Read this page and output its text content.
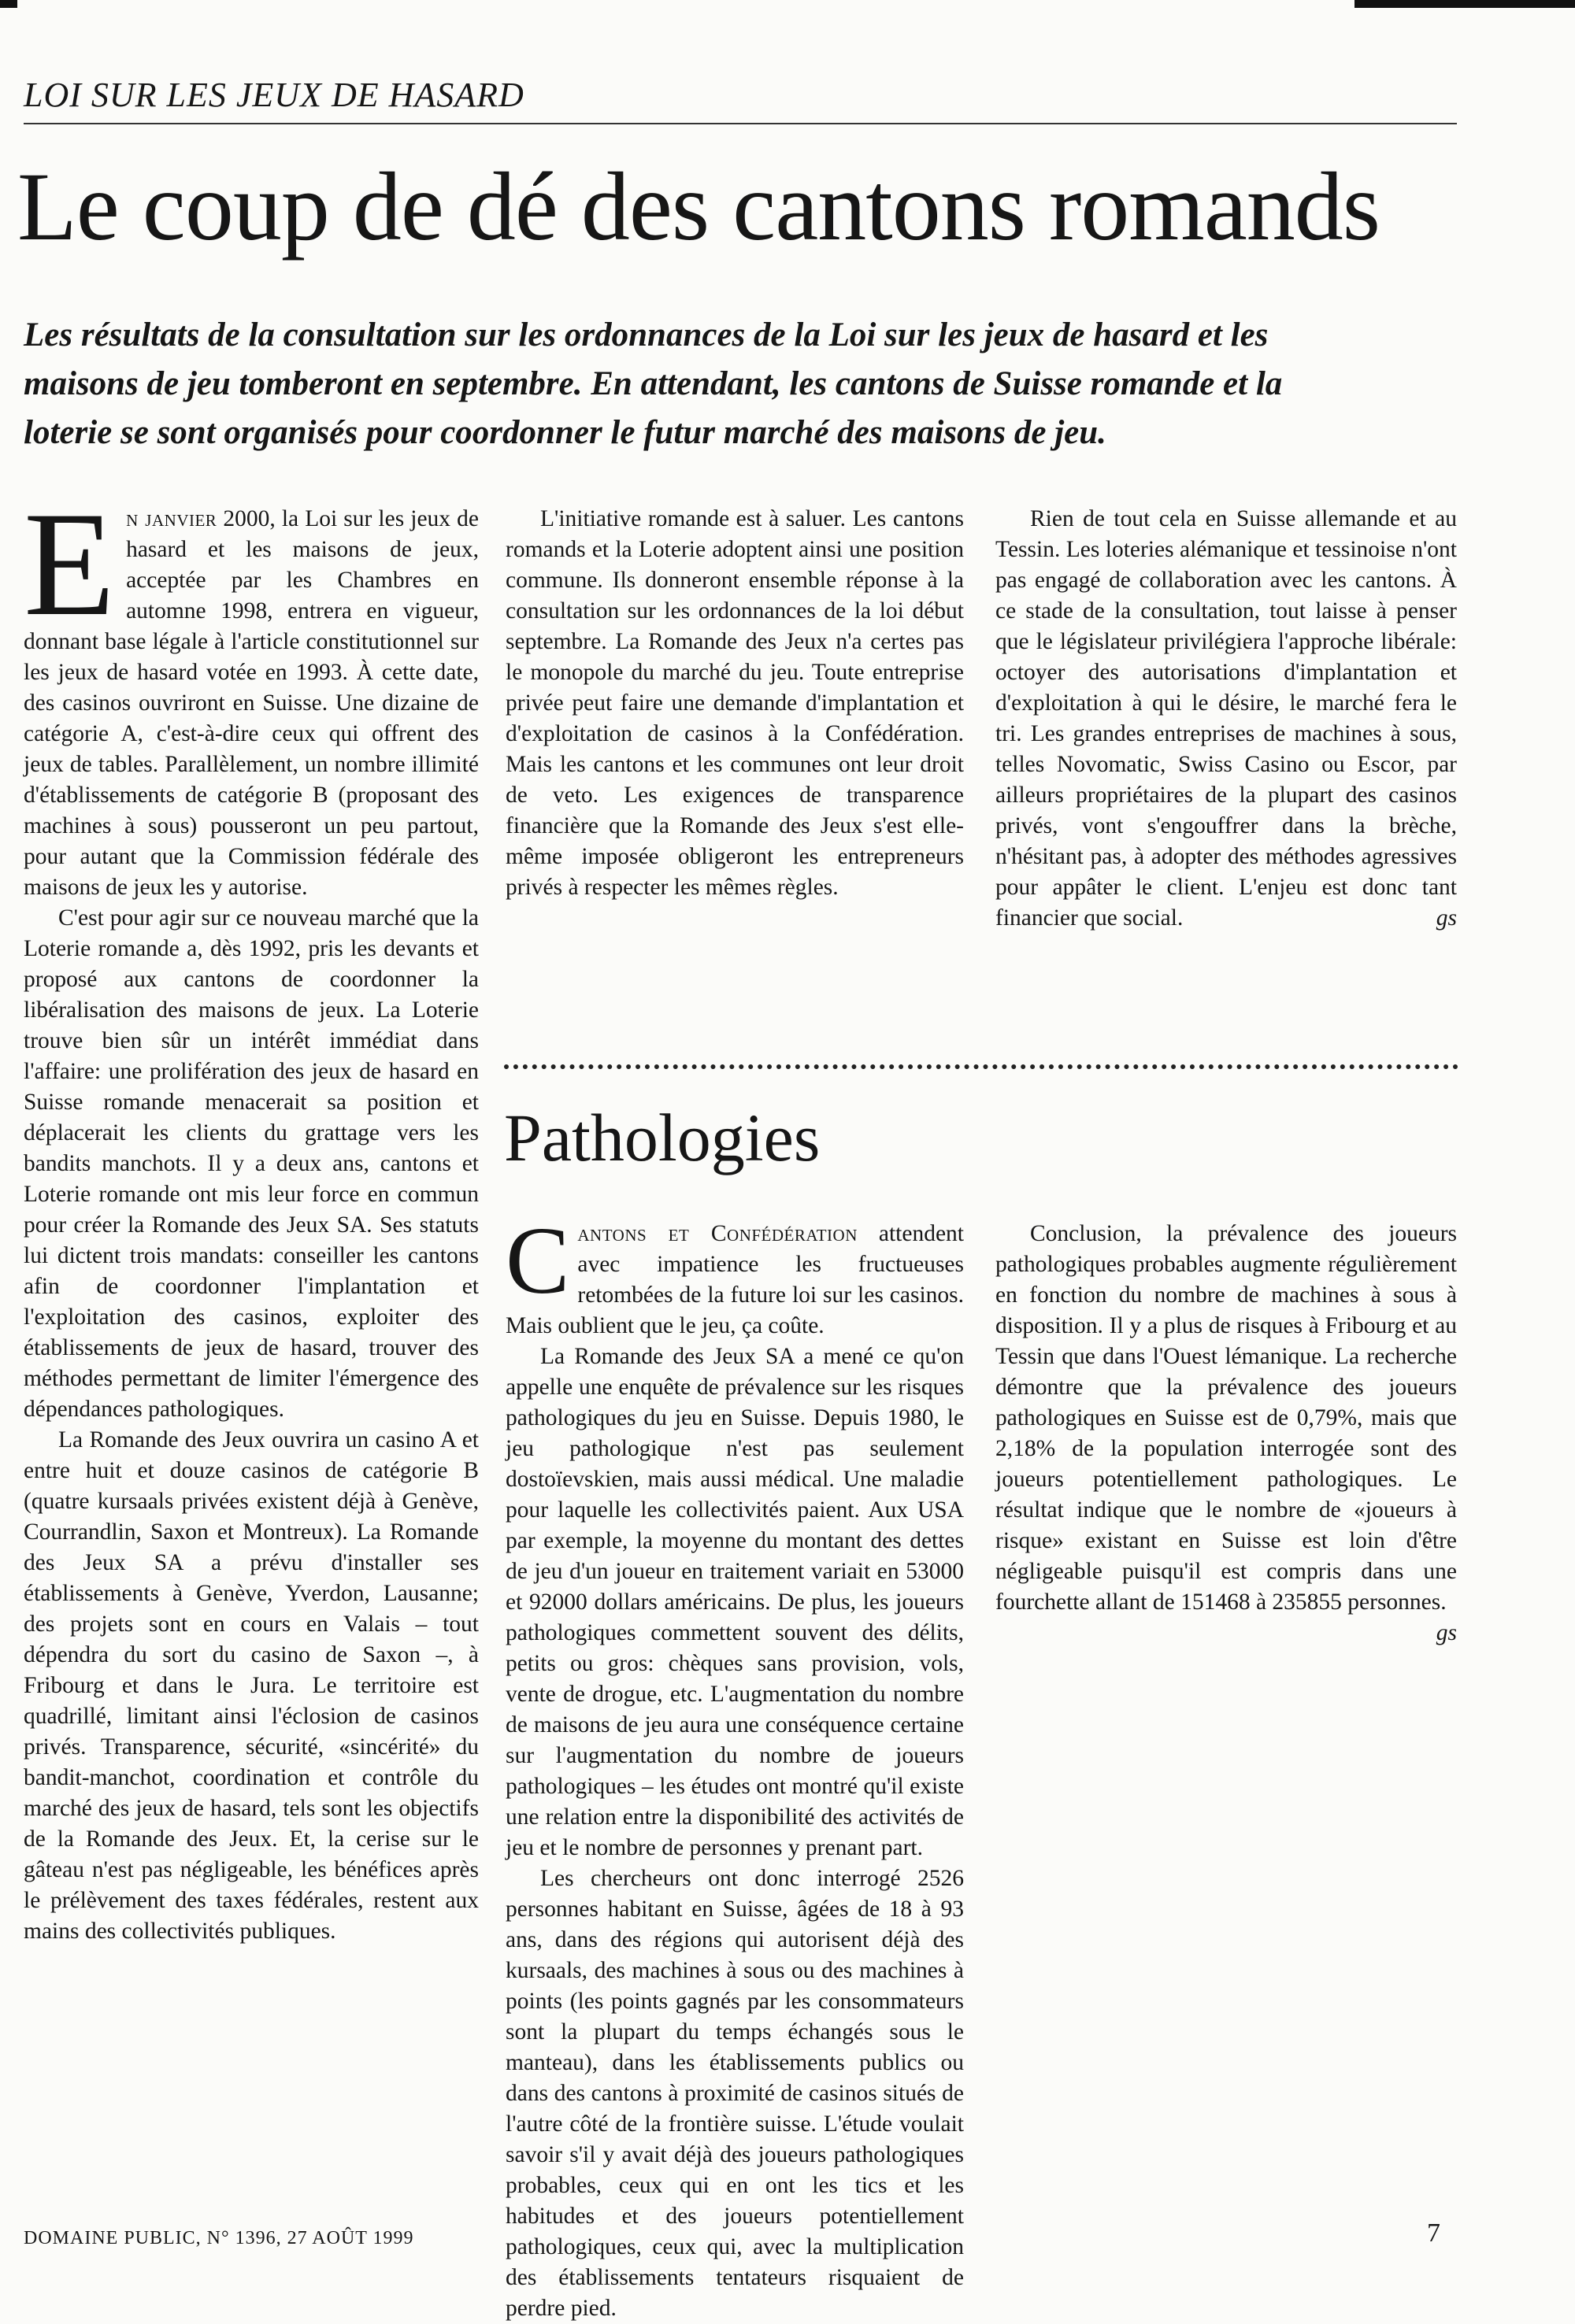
LOI SUR LES JEUX DE HASARD
Le coup de dé des cantons romands

Les résultats de la consultation sur les ordonnances de la Loi sur les jeux de hasard et les maisons de jeu tomberont en septembre. En attendant, les cantons de Suisse romande et la loterie se sont organisés pour coordonner le futur marché des maisons de jeu.

En janvier 2000, la Loi sur les jeux de hasard et les maisons de jeux, acceptée par les Chambres en automne 1998, entrera en vigueur, donnant base légale à l'article constitutionnel sur les jeux de hasard votée en 1993. À cette date, des casinos ouvriront en Suisse. Une dizaine de catégorie A, c'est-à-dire ceux qui offrent des jeux de tables. Parallèlement, un nombre illimité d'établissements de catégorie B (proposant des machines à sous) pousseront un peu partout, pour autant que la Commission fédérale des maisons de jeux les y autorise.

C'est pour agir sur ce nouveau marché que la Loterie romande a, dès 1992, pris les devants et proposé aux cantons de coordonner la libéralisation des maisons de jeux. La Loterie trouve bien sûr un intérêt immédiat dans l'affaire: une prolifération des jeux de hasard en Suisse romande menacerait sa position et déplacerait les clients du grattage vers les bandits manchots. Il y a deux ans, cantons et Loterie romande ont mis leur force en commun pour créer la Romande des Jeux SA. Ses statuts lui dictent trois mandats: conseiller les cantons afin de coordonner l'implantation et l'exploitation des casinos, exploiter des établissements de jeux de hasard, trouver des méthodes permettant de limiter l'émergence des dépendances pathologiques.

La Romande des Jeux ouvrira un casino A et entre huit et douze casinos de catégorie B (quatre kursaals privées existent déjà à Genève, Courrandlin, Saxon et Montreux). La Romande des Jeux SA a prévu d'installer ses établissements à Genève, Yverdon, Lausanne; des projets sont en cours en Valais – tout dépendra du sort du casino de Saxon –, à Fribourg et dans le Jura. Le territoire est quadrillé, limitant ainsi l'éclosion de casinos privés. Transparence, sécurité, «sincérité» du bandit-manchot, coordination et contrôle du marché des jeux de hasard, tels sont les objectifs de la Romande des Jeux. Et, la cerise sur le gâteau n'est pas négligeable, les bénéfices après le prélèvement des taxes fédérales, restent aux mains des collectivités publiques.

L'initiative romande est à saluer. Les cantons romands et la Loterie adoptent ainsi une position commune. Ils donneront ensemble réponse à la consultation sur les ordonnances de la loi début septembre. La Romande des Jeux n'a certes pas le monopole du marché du jeu. Toute entreprise privée peut faire une demande d'implantation et d'exploitation de casinos à la Confédération. Mais les cantons et les communes ont leur droit de veto. Les exigences de transparence financière que la Romande des Jeux s'est elle-même imposée obligeront les entrepreneurs privés à respecter les mêmes règles.

Rien de tout cela en Suisse allemande et au Tessin. Les loteries alémanique et tessinoise n'ont pas engagé de collaboration avec les cantons. À ce stade de la consultation, tout laisse à penser que le législateur privilégiera l'approche libérale: octoyer des autorisations d'implantation et d'exploitation à qui le désire, le marché fera le tri. Les grandes entreprises de machines à sous, telles Novomatic, Swiss Casino ou Escor, par ailleurs propriétaires de la plupart des casinos privés, vont s'engouffrer dans la brèche, n'hésitant pas, à adopter des méthodes agressives pour appâter le client. L'enjeu est donc tant financier que social.	gs

Pathologies

Cantons et Confédération attendent avec impatience les fructueuses retombées de la future loi sur les casinos. Mais oublient que le jeu, ça coûte.

La Romande des Jeux SA a mené ce qu'on appelle une enquête de prévalence sur les risques pathologiques du jeu en Suisse. Depuis 1980, le jeu pathologique n'est pas seulement dostoïevskien, mais aussi médical. Une maladie pour laquelle les collectivités paient. Aux USA par exemple, la moyenne du montant des dettes de jeu d'un joueur en traitement variait en 53000 et 92000 dollars américains. De plus, les joueurs pathologiques commettent souvent des délits, petits ou gros: chèques sans provision, vols, vente de drogue, etc. L'augmentation du nombre de maisons de jeu aura une conséquence certaine sur l'augmentation du nombre de joueurs pathologiques – les études ont montré qu'il existe une relation entre la disponibilité des activités de jeu et le nombre de personnes y prenant part.

Les chercheurs ont donc interrogé 2526 personnes habitant en Suisse, âgées de 18 à 93 ans, dans des régions qui autorisent déjà des kursaals, des machines à sous ou des machines à points (les points gagnés par les consommateurs sont la plupart du temps échangés sous le manteau), dans les établissements publics ou dans des cantons à proximité de casinos situés de l'autre côté de la frontière suisse. L'étude voulait savoir s'il y avait déjà des joueurs pathologiques probables, ceux qui en ont les tics et les habitudes et des joueurs potentiellement pathologiques, ceux qui, avec la multiplication des établissements tentateurs risquaient de perdre pied.

Conclusion, la prévalence des joueurs pathologiques probables augmente régulièrement en fonction du nombre de machines à sous à disposition. Il y a plus de risques à Fribourg et au Tessin que dans l'Ouest lémanique. La recherche démontre que la prévalence des joueurs pathologiques en Suisse est de 0,79%, mais que 2,18% de la population interrogée sont des joueurs potentiellement pathologiques. Le résultat indique que le nombre de «joueurs à risque» existant en Suisse est loin d'être négligeable puisqu'il est compris dans une fourchette allant de 151468 à 235855 personnes.
gs

DOMAINE PUBLIC, N° 1396, 27 AOÛT 1999	7
